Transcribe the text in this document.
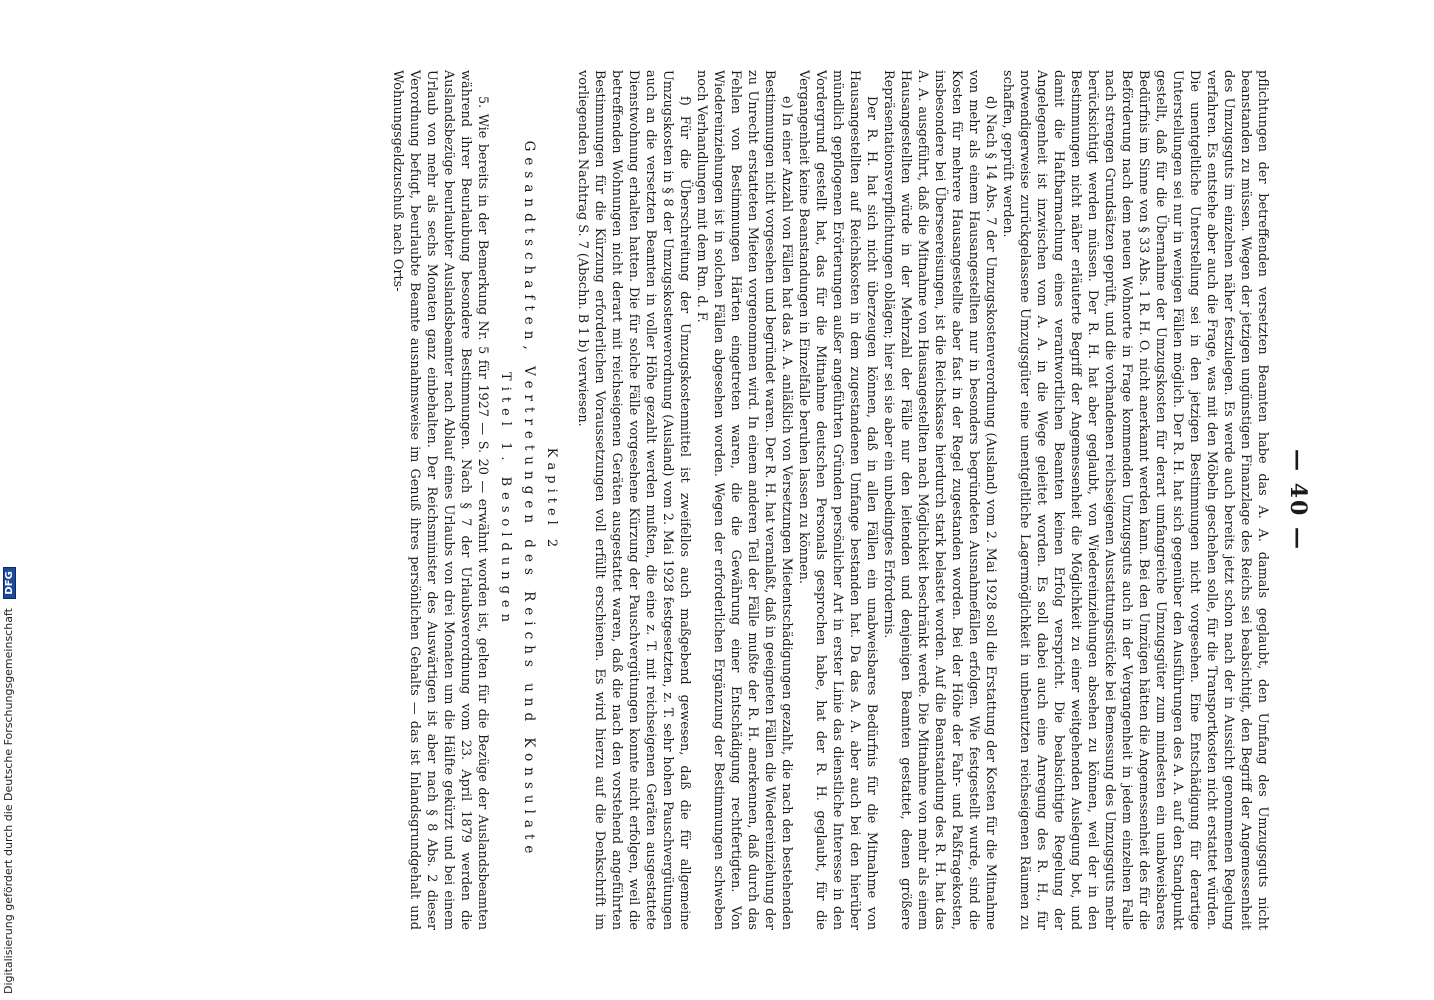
— 40 —

pflichtungen der betreffenden versetzten Beamten habe das A. A. damals geglaubt, den Umfang des Umzugsguts nicht beanstanden zu müssen. Wegen der jetzigen ungünstigen Finanzlage des Reichs sei beabsichtigt, den Begriff der Angemessenheit des Umzugsguts im einzelnen näher festzulegen. Es werde auch bereits jetzt schon nach der in Aussicht genommenen Regelung verfahren. Es entstehe aber auch die Frage, was mit den Möbeln geschehen solle, für die Transportkosten nicht erstattet würden. Die unentgeltliche Unterstellung sei in den jetzigen Bestimmungen nicht vorgesehen. Eine Entschädigung für derartige Unterstellungen sei nur in wenigen Fällen möglich. Der R. H. hat sich gegenüber den Ausführungen des A. A. auf den Standpunkt gestellt, daß für die Übernahme der Umzugskosten für derart umfangreiche Umzugsgüter zum mindesten ein unabweisbares Bedürfnis im Sinne von § 33 Abs. 1 R. H. O. nicht anerkannt werden kann. Bei den Umzügen hätten die Angemessenheit des für die Beförderung nach dem neuen Wohnorte in Frage kommenden Umzugsguts auch in der Vergangenheit in jedem einzelnen Falle nach strengen Grundsätzen geprüft, und die vorhandenen reichseigenen Ausstattungsstücke bei Bemessung des Umzugsguts mehr berücksichtigt werden müssen. Der R. H. hat aber geglaubt, von Wiedereinziehungen absehen zu können, weil der in den Bestimmungen nicht näher erläuterte Begriff der Angemessenheit die Möglichkeit zu einer weitgehenden Auslegung bot, und damit die Haftbarmachung eines verantwortlichen Beamten keinen Erfolg verspricht. Die beabsichtigte Regelung der Angelegenheit ist inzwischen vom A. A. in die Wege geleitet worden. Es soll dabei auch eine Anregung des R. H., für notwendigerweise zurückgelassene Umzugsgüter eine unentgeltliche Lagermöglichkeit in unbenutzten reichseigenen Räumen zu schaffen, geprüft werden.

d) Nach § 14 Abs. 7 der Umzugskostenverordnung (Ausland) vom 2. Mai 1928 soll die Erstattung der Kosten für die Mitnahme von mehr als einem Hausangestellten nur in besonders begründeten Ausnahmefällen erfolgen. Wie festgestellt wurde, sind die Kosten für mehrere Hausangestellte aber fast in der Regel zugestanden worden. Bei der Höhe der Fahr- und Paßfragekosten, insbesondere bei Überseereisungen, ist die Reichskasse hierdurch stark belastet worden. Auf die Beanstandung des R. H. hat das A. A. ausgeführt, daß die Mitnahme von Hausangestellten nach Möglichkeit beschränkt werde. Die Mitnahme von mehr als einem Hausangestellten würde in der Mehrzahl der Fälle nur den leitenden und denjenigen Beamten gestattet, denen größere Repräsentationsverpflichtungen oblägen; hier sei sie aber ein unbedingtes Erfordernis.

Der R. H. hat sich nicht überzeugen können, daß in allen Fällen ein unabweisbares Bedürfnis für die Mitnahme von Hausangestellten auf Reichskosten in dem zugestandenen Umfange bestanden hat. Da das A. A. aber auch bei den hierüber mündlich gepflogenen Erörterungen außer angeführten Gründen persönlicher Art in erster Linie das dienstliche Interesse in den Vordergrund gestellt hat, das für die Mitnahme deutschen Personals gesprochen habe, hat der R. H. geglaubt, für die Vergangenheit keine Beanstandungen in Einzelfalle beruhen lassen zu können.

e) In einer Anzahl von Fällen hat das A. A. anläßlich von Versetzungen Mietentschädigungen gezahlt, die nach den bestehenden Bestimmungen nicht vorgesehen und begründet waren. Der R. H. hat veranlaßt, daß in geeigneten Fällen die Wiedereinziehung der zu Unrecht erstatteten Mieten vorgenommen wird. In einem anderen Teil der Fälle mußte der R. H. anerkennen, daß durch das Fehlen von Bestimmungen Härten eingetreten waren, die die Gewährung einer Entschädigung rechtfertigten. Von Wiedereinziehungen ist in solchen Fällen abgesehen worden. Wegen der erforderlichen Ergänzung der Bestimmungen schweben noch Verhandlungen mit dem Rm. d. F.

f) Für die Überschreitung der Umzugskostenmittel ist zweifellos auch maßgebend gewesen, daß die für allgemeine Umzugskosten in § 8 der Umzugskostenverordnung (Ausland) vom 2. Mai 1928 festgesetzten, z. T. sehr hohen Pauschvergütungen auch an die versetzten Beamten in voller Höhe gezahlt werden mußten, die eine z. T. mit reichseigenen Geräten ausgestattete Dienstwohnung erhalten hatten. Die für solche Fälle vorgesehene Kürzung der Pauschvergütungen konnte nicht erfolgen, weil die betreffenden Wohnungen nicht derart mit reichseigenen Geräten ausgestattet waren, daß die nach den vorstehend angeführten Bestimmungen für die Kürzung erforderlichen Voraussetzungen voll erfüllt erschienen. Es wird hierzu auf die Denkschrift im vorliegenden Nachtrag S. 7 (Abschn. B 1 b) verwiesen.

Kapitel 2
Gesandtschaften, Vertretungen des Reichs und Konsulate
Titel 1. Besoldungen

5. Wie bereits in der Bemerkung Nr. 5 für 1927 — S. 20 — erwähnt worden ist, gelten für die Bezüge der Auslandsbeamten während ihrer Beurlaubung besondere Bestimmungen. Nach § 7 der Urlaubsverordnung vom 23. April 1879 werden die Auslandsbezüge beurlaubter Auslandsbeamter nach Ablauf eines Urlaubs von drei Monaten um die Hälfte gekürzt und bei einem Urlaub von mehr als sechs Monaten ganz einbehalten. Der Reichsminister des Auswärtigen ist aber nach § 8 Abs. 2 dieser Verordnung befugt, beurlaubte Beamte ausnahmsweise im Genuß ihres persönlichen Gehalts — das ist Inlandsgrundgehalt und Wohnungsgeldzuschuß nach Orts-

Digitalisierung gefördert durch die Deutsche Forschungsgemeinschaft DFG
